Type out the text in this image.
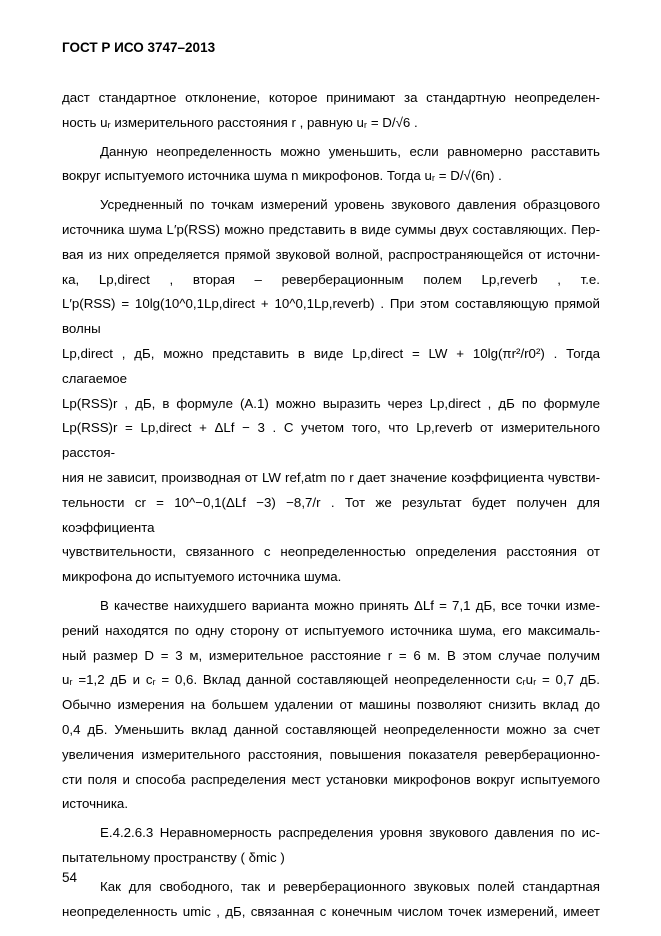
ГОСТ Р ИСО 3747–2013

даст стандартное отклонение, которое принимают за стандартную неопределен-

ность uᵣ измерительного расстояния r , равную uᵣ = D/√6 .

Данную неопределенность можно уменьшить, если равномерно расставить

вокруг испытуемого источника шума n микрофонов. Тогда uᵣ = D/√(6n) .

Усредненный по точкам измерений уровень звукового давления образцового

источника шума L′p(RSS) можно представить в виде суммы двух составляющих. Пер-

вая из них определяется прямой звуковой волной, распространяющейся от источни-

ка, Lp,direct , вторая – реверберационным полем Lp,reverb , т.е.

L′p(RSS) = 10lg(10^0,1Lp,direct + 10^0,1Lp,reverb) . При этом составляющую прямой волны

Lp,direct , дБ, можно представить в виде Lp,direct = LW + 10lg(πr²/r0²) . Тогда слагаемое

Lp(RSS)r , дБ, в формуле (А.1) можно выразить через Lp,direct , дБ по формуле

Lp(RSS)r = Lp,direct + ΔLf − 3 . С учетом того, что Lp,reverb от измерительного расстоя-

ния не зависит, производная от LW ref,atm по r дает значение коэффициента чувстви-

тельности cr = 10^−0,1(ΔLf −3) −8,7/r . Тот же результат будет получен для коэффициента

чувствительности, связанного с неопределенностью определения расстояния от

микрофона до испытуемого источника шума.

В качестве наихудшего варианта можно принять ΔLf = 7,1 дБ, все точки изме-

рений находятся по одну сторону от испытуемого источника шума, его максималь-

ный размер D = 3 м, измерительное расстояние r = 6 м. В этом случае получим

uᵣ =1,2 дБ и cᵣ = 0,6. Вклад данной составляющей неопределенности cᵣuᵣ = 0,7 дБ.

Обычно измерения на большем удалении от машины позволяют снизить вклад до

0,4 дБ. Уменьшить вклад данной составляющей неопределенности можно за счет

увеличения измерительного расстояния, повышения показателя реверберационно-

сти поля и способа распределения мест установки микрофонов вокруг испытуемого

источника.

Е.4.2.6.3 Неравномерность распределения уровня звукового давления по ис-

пытательному пространству ( δmic )

Как для свободного, так и реверберационного звуковых полей стандартная

неопределенность umic , дБ, связанная с конечным числом точек измерений, имеет

54
